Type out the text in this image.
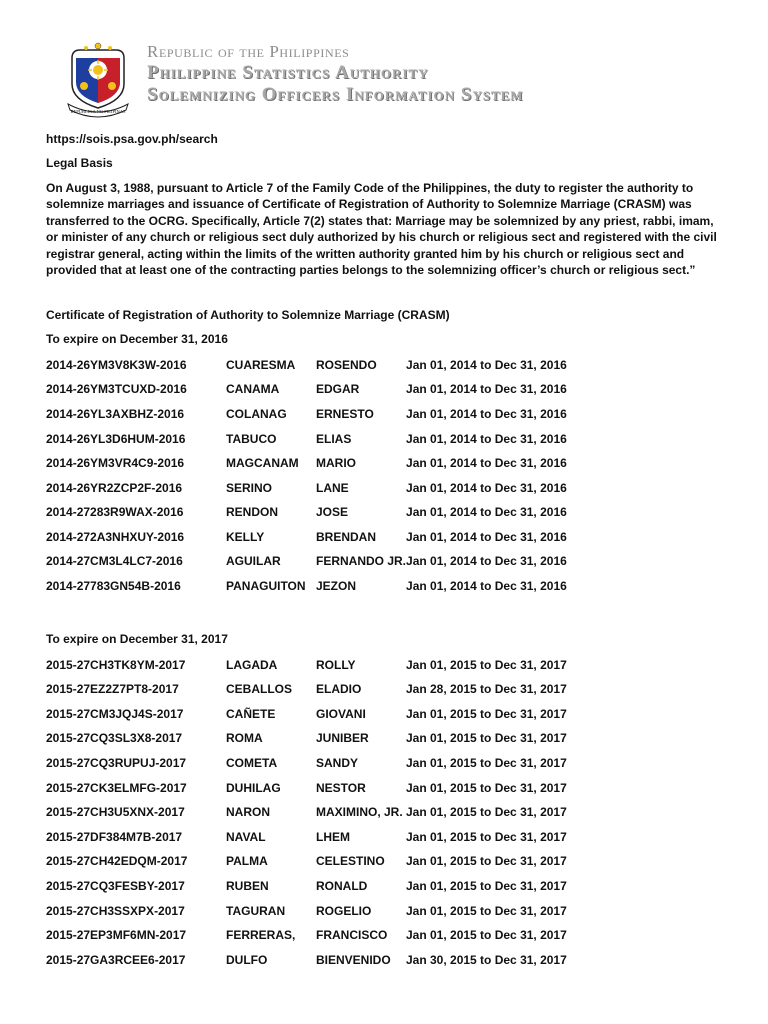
REPUBLIKA NG PILIPINAS
Republic of the Philippines
Philippine Statistics Authority
Solemnizing Officers Information System

https://sois.psa.gov.ph/search

Legal Basis

On August 3, 1988, pursuant to Article 7 of the Family Code of the Philippines, the duty to register the authority to solemnize marriages and issuance of Certificate of Registration of Authority to Solemnize Marriage (CRASM) was transferred to the OCRG. Specifically, Article 7(2) states that: Marriage may be solemnized by any priest, rabbi, imam, or minister of any church or religious sect duly authorized by his church or religious sect and registered with the civil registrar general, acting within the limits of the written authority granted him by his church or religious sect and provided that at least one of the contracting parties belongs to the solemnizing officer’s church or religious sect.”

Certificate of Registration of Authority to Solemnize Marriage (CRASM)

To expire on December 31, 2016

2014-26YM3V8K3W-2016	CUARESMA	ROSENDO	Jan 01, 2014 to Dec 31, 2016
2014-26YM3TCUXD-2016	CANAMA	EDGAR	Jan 01, 2014 to Dec 31, 2016
2014-26YL3AXBHZ-2016	COLANAG	ERNESTO	Jan 01, 2014 to Dec 31, 2016
2014-26YL3D6HUM-2016	TABUCO	ELIAS	Jan 01, 2014 to Dec 31, 2016
2014-26YM3VR4C9-2016	MAGCANAM	MARIO	Jan 01, 2014 to Dec 31, 2016
2014-26YR2ZCP2F-2016	SERINO	LANE	Jan 01, 2014 to Dec 31, 2016
2014-27283R9WAX-2016	RENDON	JOSE	Jan 01, 2014 to Dec 31, 2016
2014-272A3NHXUY-2016	KELLY	BRENDAN	Jan 01, 2014 to Dec 31, 2016
2014-27CM3L4LC7-2016	AGUILAR	FERNANDO JR.	Jan 01, 2014 to Dec 31, 2016
2014-27783GN54B-2016	PANAGUITON	JEZON	Jan 01, 2014 to Dec 31, 2016

To expire on December 31, 2017

2015-27CH3TK8YM-2017	LAGADA	ROLLY	Jan 01, 2015 to Dec 31, 2017
2015-27EZ2Z7PT8-2017	CEBALLOS	ELADIO	Jan 28, 2015 to Dec 31, 2017
2015-27CM3JQJ4S-2017	CAÑETE	GIOVANI	Jan 01, 2015 to Dec 31, 2017
2015-27CQ3SL3X8-2017	ROMA	JUNIBER	Jan 01, 2015 to Dec 31, 2017
2015-27CQ3RUPUJ-2017	COMETA	SANDY	Jan 01, 2015 to Dec 31, 2017
2015-27CK3ELMFG-2017	DUHILAG	NESTOR	Jan 01, 2015 to Dec 31, 2017
2015-27CH3U5XNX-2017	NARON	MAXIMINO, JR.	Jan 01, 2015 to Dec 31, 2017
2015-27DF384M7B-2017	NAVAL	LHEM	Jan 01, 2015 to Dec 31, 2017
2015-27CH42EDQM-2017	PALMA	CELESTINO	Jan 01, 2015 to Dec 31, 2017
2015-27CQ3FESBY-2017	RUBEN	RONALD	Jan 01, 2015 to Dec 31, 2017
2015-27CH3SSXPX-2017	TAGURAN	ROGELIO	Jan 01, 2015 to Dec 31, 2017
2015-27EP3MF6MN-2017	FERRERAS,	FRANCISCO	Jan 01, 2015 to Dec 31, 2017
2015-27GA3RCEE6-2017	DULFO	BIENVENIDO	Jan 30, 2015 to Dec 31, 2017
